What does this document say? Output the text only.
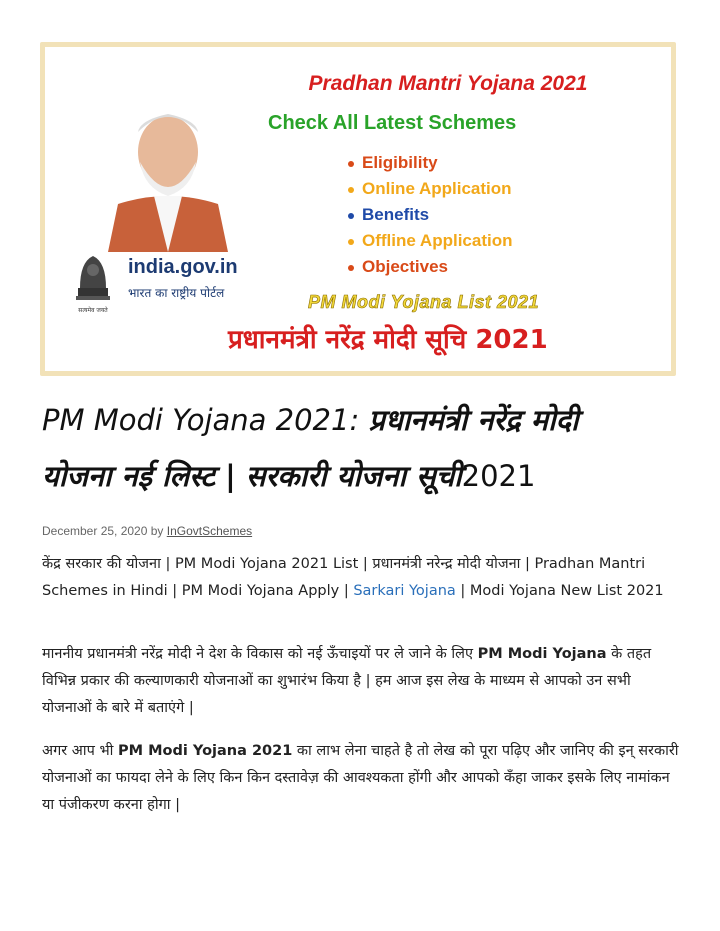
सत्यमेव जयते
india.gov.in
भारत का राष्ट्रीय पोर्टल
Pradhan Mantri Yojana 2021
Check All Latest Schemes
Eligibility
Online Application
Benefits
Offline Application
Objectives
PM Modi Yojana List 2021
प्रधानमंत्री नरेंद्र मोदी सूचि 2021
PM Modi Yojana 2021: प्रधानमंत्री नरेंद्र मोदी
योजना नई लिस्ट | सरकारी योजना सूची2021
December 25, 2020 by InGovtSchemes

केंद्र सरकार की योजना | PM Modi Yojana 2021 List | प्रधानमंत्री नरेन्द्र मोदी योजना | Pradhan Mantri Schemes in Hindi | PM Modi Yojana Apply | Sarkari Yojana | Modi Yojana New List 2021

माननीय प्रधानमंत्री नरेंद्र मोदी ने देश के विकास को नई ऊँचाइयों पर ले जाने के लिए PM Modi Yojana के तहत विभिन्न प्रकार की कल्याणकारी योजनाओं का शुभारंभ किया है | हम आज इस लेख के माध्यम से आपको उन सभी योजनाओं के बारे में बताएंगे |

अगर आप भी PM Modi Yojana 2021 का लाभ लेना चाहते है तो लेख को पूरा पढ़िए और जानिए की इन् सरकारी योजनाओं का फायदा लेने के लिए किन किन दस्तावेज़ की आवश्यकता होंगी और आपको कँहा जाकर इसके लिए नामांकन या पंजीकरण करना होगा |
